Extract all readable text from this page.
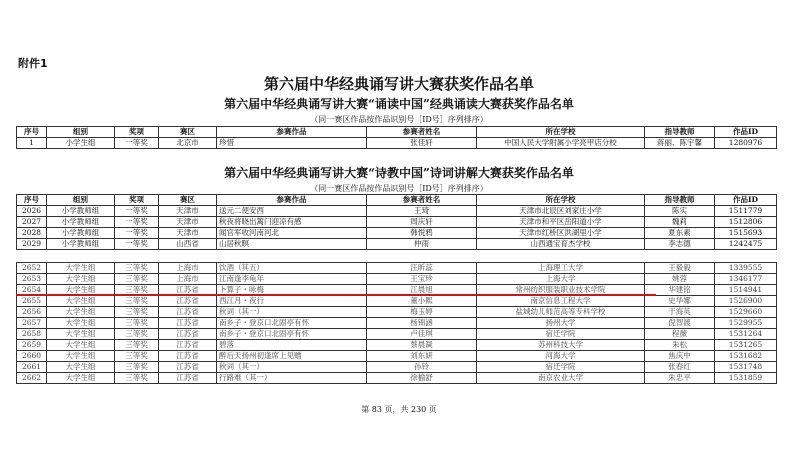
附件1
第六届中华经典诵写讲大赛获奖作品名单
第六届中华经典诵写讲大赛“诵读中国”经典诵读大赛获奖作品名单
（同一赛区作品按作品识别号［ID号］序列排序）
序号	组别	奖项	赛区	参赛作品	参赛者姓名	所在学校	指导教师	作品ID
1	小学生组	一等奖	北京市	珍惜	张佳轩	中国人民大学附属小学亮甲店分校	蒋丽、陈宇馨	1280976
第六届中华经典诵写讲大赛“诗教中国”诗词讲解大赛获奖作品名单
（同一赛区作品按作品识别号［ID号］序列排序）
序号	组别	奖项	赛区	参赛作品	参赛者姓名	所在学校	指导教师	作品ID
2026	小学教师组	一等奖	天津市	送元二使安西	王琦	天津市北辰区刘家庄小学	陈实	1511779
2027	小学教师组	一等奖	天津市	秋夜将晓出篱门迎凉有感	周庆轩	天津市和平区岳阳道小学	魏莉	1512806
2028	小学教师组	一等奖	天津市	闻官军收河南河北	韩悦鸦	天津市红桥区洪湖里小学	夏东素	1515693
2029	小学教师组	一等奖	山西省	山居秋暝	仲雨	山西通宝育杰学校	李志德	1242475
2652	大学生组	三等奖	上海市	饮酒（其五）	汪昕蕊	上海理工大学	王毅毅	1339555
2653	大学生组	三等奖	上海市	江南逢李龟年	王宝珍	上海大学	姚蓉	1346177
2654	大学生组	三等奖	江苏省	卜算子・咏梅	江晨旭	常州纺织服装职业技术学院	华建铭	1514941
2655	大学生组	三等奖	江苏省	西江月・夜行	董小熙	南京信息工程大学	史华娜	1526900
2656	大学生组	三等奖	江苏省	秋词（其一）	梅玉婷	盐城幼儿师范高等专科学校	于海英	1529660
2657	大学生组	三等奖	江苏省	南乡子・登京口北固亭有怀	杨锦涵	扬州大学	倪智渡	1529955
2658	大学生组	三等奖	江苏省	南乡子・登京口北固亭有怀	卢佳琪	宿迁学院	程薇	1531264
2659	大学生组	三等奖	江苏省	碧落	蔡晨凝	苏州科技大学	朱松	1531265
2660	大学生组	三等奖	江苏省	醉后天扬州初逢席上见赠	刘东妍	河海大学	焦庆中	1531682
2661	大学生组	三等奖	江苏省	秋词（其一）	孙铃	宿迁学院	张春红	1531748
2662	大学生组	三等奖	江苏省	行路难（其一）	徐榆舒	南京农业大学	朱忠平	1531859
第 83 页，共 230 页
